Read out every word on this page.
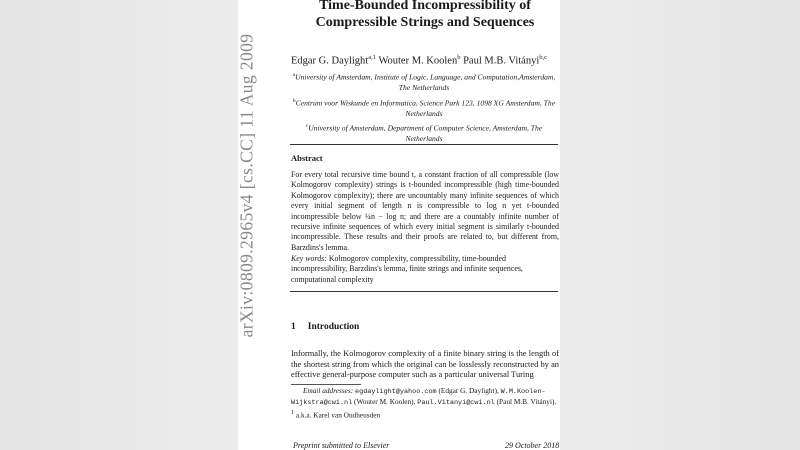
arXiv:0809.2965v4 [cs.CC] 11 Aug 2009
Time-Bounded Incompressibility of
Compressible Strings and Sequences
Edgar G. Daylight$^{a,1}$ Wouter M. Koolen$^b$ Paul M.B. Vitányi$^{b,c}$
$^a$University of Amsterdam, Institute of Logic, Language, and Computation,Amsterdam, The Netherlands
$^b$Centrum voor Wiskunde en Informatica, Science Park 123, 1098 XG Amsterdam, The Netherlands
$^c$University of Amsterdam, Department of Computer Science, Amsterdam, The Netherlands
Abstract
For every total recursive time bound t, a constant fraction of all compressible (low Kolmogorov complexity) strings is t-bounded incompressible (high time-bounded Kolmogorov complexity); there are uncountably many infinite sequences of which every initial segment of length n is compressible to log n yet t-bounded incompressible below ¼n − log n; and there are a countably infinite number of recursive infinite sequences of which every initial segment is similarly t-bounded incompressible. These results and their proofs are related to, but different from, Barzdins's lemma.
Key words: Kolmogorov complexity, compressibility, time-bounded incompressibility, Barzdins's lemma, finite strings and infinite sequences, computational complexity
1 Introduction
Informally, the Kolmogorov complexity of a finite binary string is the length of the shortest string from which the original can be losslessly reconstructed by an effective general-purpose computer such as a particular universal Turing
Email addresses: egdaylight@yahoo.com (Edgar G. Daylight), W.M.Koolen-Wijkstra@cwi.nl (Wouter M. Koolen), Paul.Vitanyi@cwi.nl (Paul M.B. Vitányi).
$^1$ a.k.a. Karel van Oudheusden
Preprint submitted to Elsevier	29 October 2018
